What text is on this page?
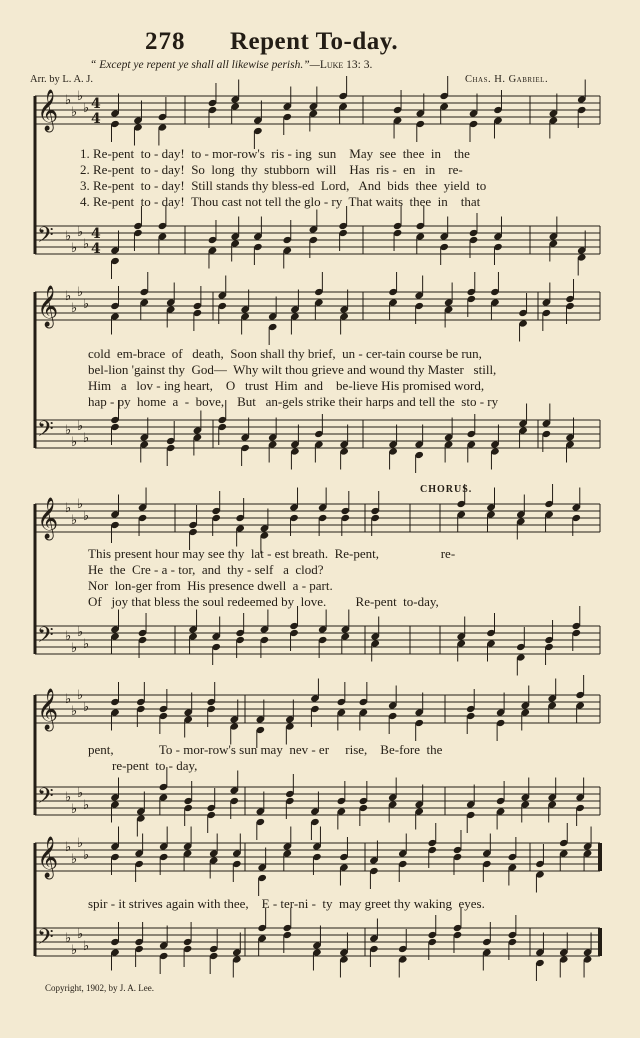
278 Repent To-day.
“ Except ye repent ye shall all likewise perish.”—Luke 13: 3.
Arr. by L. A. J.	Chas. H. Gabriel.
𝄞 ♭
♭
♭
♭ 4
4
𝄢 ♭
♭
♭
♭
4
4
𝄞 ♭
♭
♭
♭
𝄢 ♭
♭
♭
♭
𝄞 ♭
♭
♭
♭
𝄢 ♭
♭
♭
♭
𝄞 ♭
♭
♭
♭
𝄢 ♭
♭
♭
♭
𝄞 ♭
♭
♭
♭
𝄢 ♭
♭
♭
♭
1. Re-pent  to - day!  to - mor-row's  ris - ing  sun    May  see  thee  in    the
2. Re-pent  to - day!  So  long  thy  stubborn  will    Has  ris -  en   in    re-
3. Re-pent  to - day!  Still stands thy bless-ed  Lord,   And  bids  thee  yield  to
4. Re-pent  to - day!  Thou cast not tell the glo - ry  That waits  thee  in    that
cold  em-brace  of   death,  Soon shall thy brief,  un - cer-tain course be run,
bel-lion 'gainst thy  God—  Why wilt thou grieve and wound thy Master   still,
Him   a   lov - ing heart,    O   trust  Him  and    be-lieve His promised word,
hap - py  home  a  -  bove,    But   an-gels strike their harps and tell the  sto - ry
CHORUS.
This present hour may see thy  lat - est breath.  Re-pent,                   re-
He  the  Cre - a - tor,  and  thy - self   a  clod?
Nor  lon-ger from  His presence dwell  a - part.
Of   joy that bless the soul redeemed by  love.         Re-pent  to-day,
pent,              To - mor-row's sun may  nev - er     rise,    Be-fore  the
re-pent  to - day,
spir - it strives again with thee,    E - ter-ni -  ty  may greet thy waking  eyes.
Copyright, 1902, by J. A. Lee.
